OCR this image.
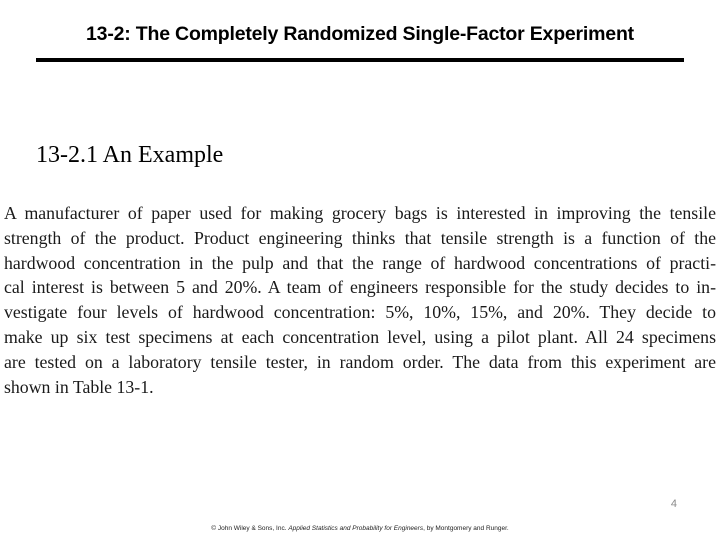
13-2: The Completely Randomized Single-Factor Experiment
13-2.1 An Example
A manufacturer of paper used for making grocery bags is interested in improving the tensile
strength of the product. Product engineering thinks that tensile strength is a function of the
hardwood concentration in the pulp and that the range of hardwood concentrations of practi-
cal interest is between 5 and 20%. A team of engineers responsible for the study decides to in-
vestigate four levels of hardwood concentration: 5%, 10%, 15%, and 20%. They decide to
make up six test specimens at each concentration level, using a pilot plant. All 24 specimens
are tested on a laboratory tensile tester, in random order. The data from this experiment are
shown in Table 13-1.
4
© John Wiley & Sons, Inc. Applied Statistics and Probability for Engineers, by Montgomery and Runger.
